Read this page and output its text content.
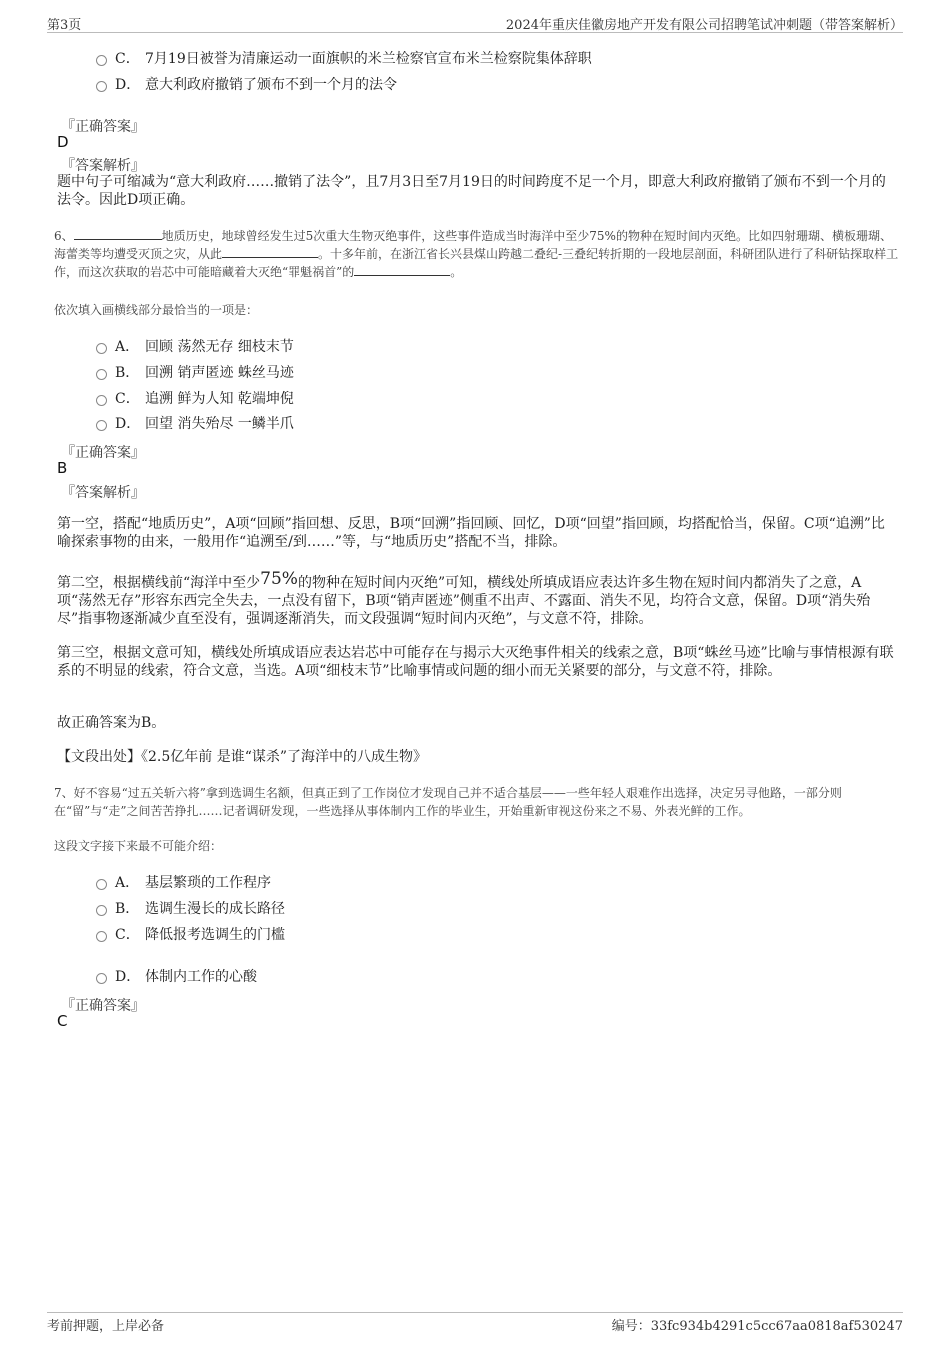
第3页	2024年重庆佳徽房地产开发有限公司招聘笔试冲刺题（带答案解析）
C． 7月19日被誉为清廉运动一面旗帜的米兰检察官宣布米兰检察院集体辞职
D． 意大利政府撤销了颁布不到一个月的法令
『正确答案』
D
『答案解析』

题中句子可缩减为“意大利政府……撤销了法令”，且7月3日至7月19日的时间跨度不足一个月，即意大利政府撤销了颁布不到一个月的法令。因此D项正确。

6、	地质历史，地球曾经发生过5次重大生物灭绝事件，这些事件造成当时海洋中至少75%的物种在短时间内灭绝。比如四射珊瑚、横板珊瑚、海蕾类等均遭受灭顶之灾，从此	。十多年前，在浙江省长兴县煤山跨越二叠纪-三叠纪转折期的一段地层剖面，科研团队进行了科研钻探取样工作，而这次获取的岩芯中可能暗藏着大灭绝“罪魁祸首”的	。

依次填入画横线部分最恰当的一项是：
A． 回顾 荡然无存 细枝末节
B． 回溯 销声匿迹 蛛丝马迹
C． 追溯 鲜为人知 乾端坤倪
D． 回望 消失殆尽 一鳞半爪
『正确答案』
B
『答案解析』

第一空，搭配“地质历史”，A项“回顾”指回想、反思，B项“回溯”指回顾、回忆，D项“回望”指回顾，均搭配恰当，保留。C项“追溯”比喻探索事物的由来，一般用作“追溯至/到……”等，与“地质历史”搭配不当，排除。

第二空，根据横线前“海洋中至少75%的物种在短时间内灭绝”可知，横线处所填成语应表达许多生物在短时间内都消失了之意，A项“荡然无存”形容东西完全失去，一点没有留下，B项“销声匿迹”侧重不出声、不露面、消失不见，均符合文意，保留。D项“消失殆尽”指事物逐渐减少直至没有，强调逐渐消失，而文段强调“短时间内灭绝”，与文意不符，排除。

第三空，根据文意可知，横线处所填成语应表达岩芯中可能存在与揭示大灭绝事件相关的线索之意，B项“蛛丝马迹”比喻与事情根源有联系的不明显的线索，符合文意，当选。A项“细枝末节”比喻事情或问题的细小而无关紧要的部分，与文意不符，排除。

故正确答案为B。

【文段出处】《2.5亿年前 是谁“谋杀”了海洋中的八成生物》

7、好不容易“过五关斩六将”拿到选调生名额，但真正到了工作岗位才发现自己并不适合基层——一些年轻人艰难作出选择，决定另寻他路，一部分则在“留”与“走”之间苦苦挣扎……记者调研发现，一些选择从事体制内工作的毕业生，开始重新审视这份来之不易、外表光鲜的工作。

这段文字接下来最不可能介绍：
A． 基层繁琐的工作程序
B． 选调生漫长的成长路径
C． 降低报考选调生的门槛
D． 体制内工作的心酸
『正确答案』
C
考前押题，上岸必备	编号：33fc934b4291c5cc67aa0818af530247
